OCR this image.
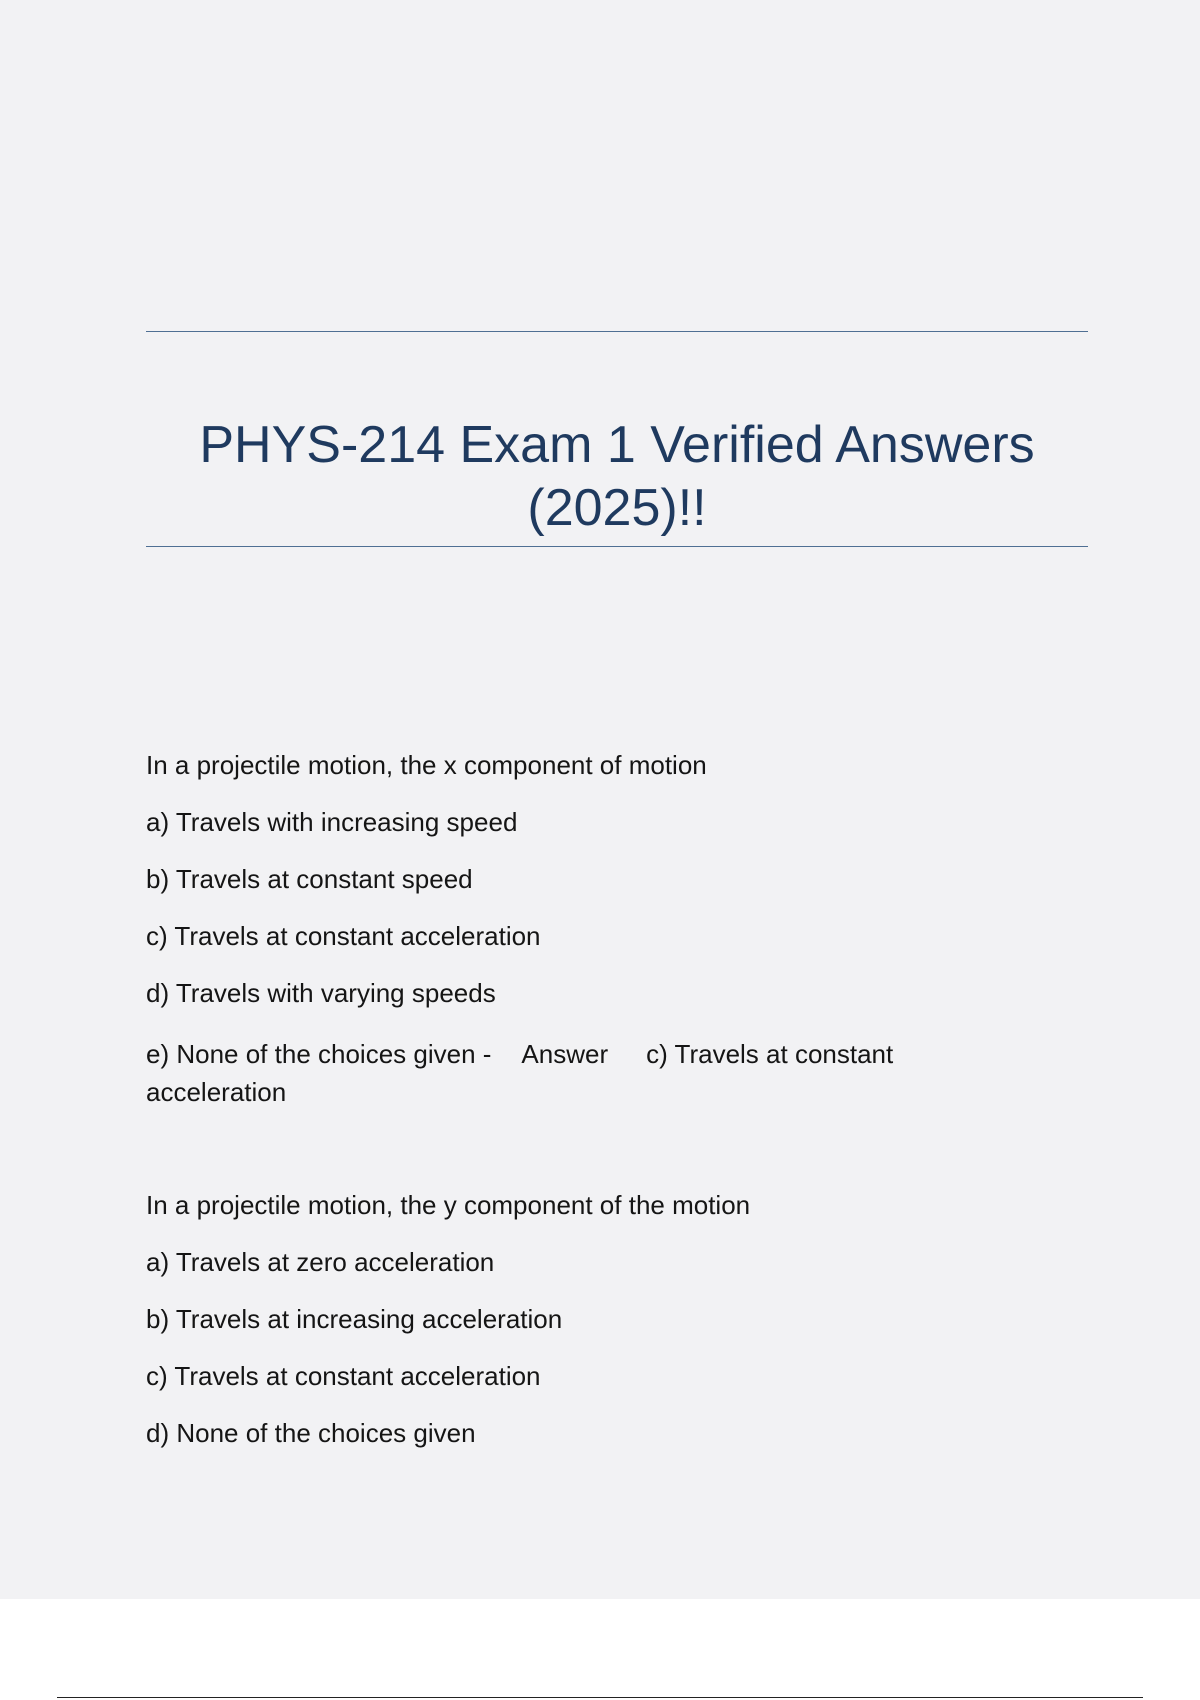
PHYS-214 Exam 1 Verified Answers (2025)!!
In a projectile motion, the x component of motion
a) Travels with increasing speed
b) Travels at constant speed
c) Travels at constant acceleration
d) Travels with varying speeds
e) None of the choices given - Answer c) Travels at constant acceleration
In a projectile motion, the y component of the motion
a) Travels at zero acceleration
b) Travels at increasing acceleration
c) Travels at constant acceleration
d) None of the choices given
